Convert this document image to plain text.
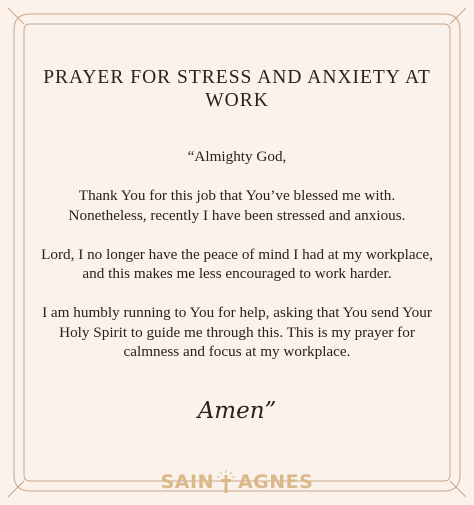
PRAYER FOR STRESS AND ANXIETY AT WORK

“Almighty God,

Thank You for this job that You’ve blessed me with. Nonetheless, recently I have been stressed and anxious.

Lord, I no longer have the peace of mind I had at my workplace, and this makes me less encouraged to work harder.

I am humbly running to You for help, asking that You send Your Holy Spirit to guide me through this. This is my prayer for calmness and focus at my workplace.

Amen”
SAIN AGNES
